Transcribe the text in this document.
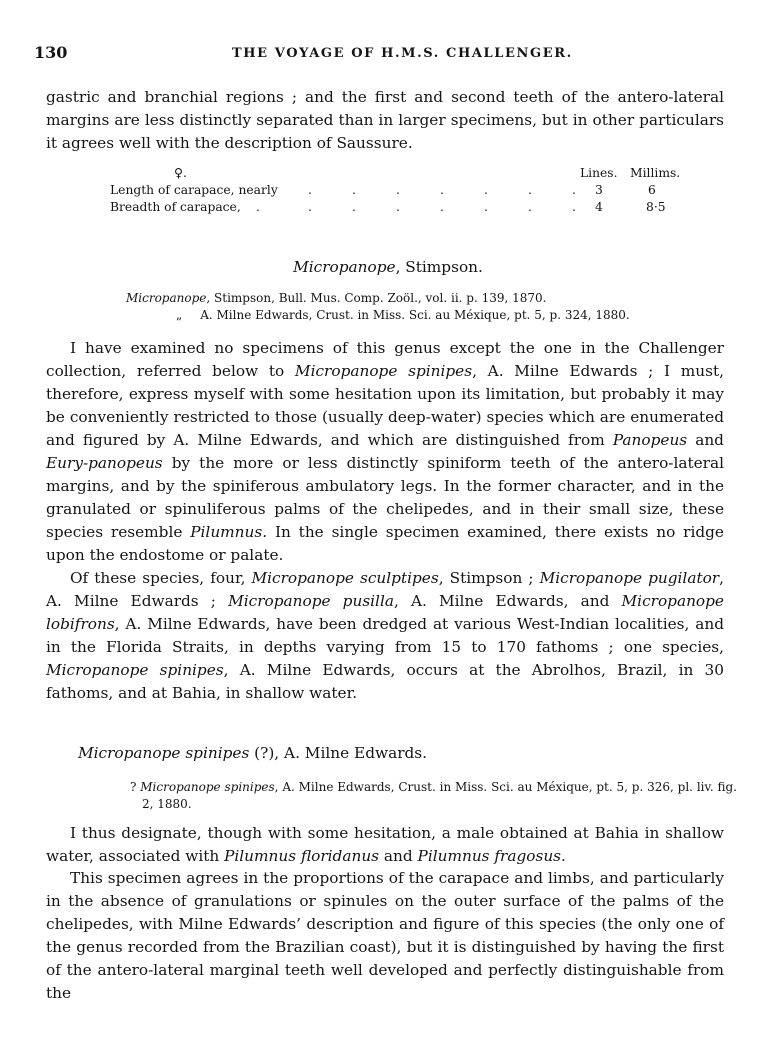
130	THE VOYAGE OF H.M.S. CHALLENGER.

gastric and branchial regions ; and the first and second teeth of the antero-lateral margins are less distinctly separated than in larger specimens, but in other particulars it agrees well with the description of Saussure.

♀.	Lines. Millims.
Length of carapace, nearly .	.	.	.	.	.	. 3	6
Breadth of carapace, .	.	.	.	.	.	.	. 4	8·5
Micropanope, Stimpson.
Micropanope, Stimpson, Bull. Mus. Comp. Zoöl., vol. ii. p. 139, 1870.
„ A. Milne Edwards, Crust. in Miss. Sci. au Méxique, pt. 5, p. 324, 1880.

I have examined no specimens of this genus except the one in the Challenger collection, referred below to Micropanope spinipes, A. Milne Edwards ; I must, therefore, express myself with some hesitation upon its limitation, but probably it may be conveniently restricted to those (usually deep-water) species which are enumerated and figured by A. Milne Edwards, and which are distinguished from Panopeus and Eury-panopeus by the more or less distinctly spiniform teeth of the antero-lateral margins, and by the spiniferous ambulatory legs. In the former character, and in the granulated or spinuliferous palms of the chelipedes, and in their small size, these species resemble Pilumnus. In the single specimen examined, there exists no ridge upon the endostome or palate.

Of these species, four, Micropanope sculptipes, Stimpson ; Micropanope pugilator, A. Milne Edwards ; Micropanope pusilla, A. Milne Edwards, and Micropanope lobifrons, A. Milne Edwards, have been dredged at various West-Indian localities, and in the Florida Straits, in depths varying from 15 to 170 fathoms ; one species, Micropanope spinipes, A. Milne Edwards, occurs at the Abrolhos, Brazil, in 30 fathoms, and at Bahia, in shallow water.

Micropanope spinipes (?), A. Milne Edwards.
? Micropanope spinipes, A. Milne Edwards, Crust. in Miss. Sci. au Méxique, pt. 5, p. 326, pl. liv. fig. 2, 1880.

I thus designate, though with some hesitation, a male obtained at Bahia in shallow water, associated with Pilumnus floridanus and Pilumnus fragosus.

This specimen agrees in the proportions of the carapace and limbs, and particularly in the absence of granulations or spinules on the outer surface of the palms of the chelipedes, with Milne Edwards’ description and figure of this species (the only one of the genus recorded from the Brazilian coast), but it is distinguished by having the first of the antero-lateral marginal teeth well developed and perfectly distinguishable from the
